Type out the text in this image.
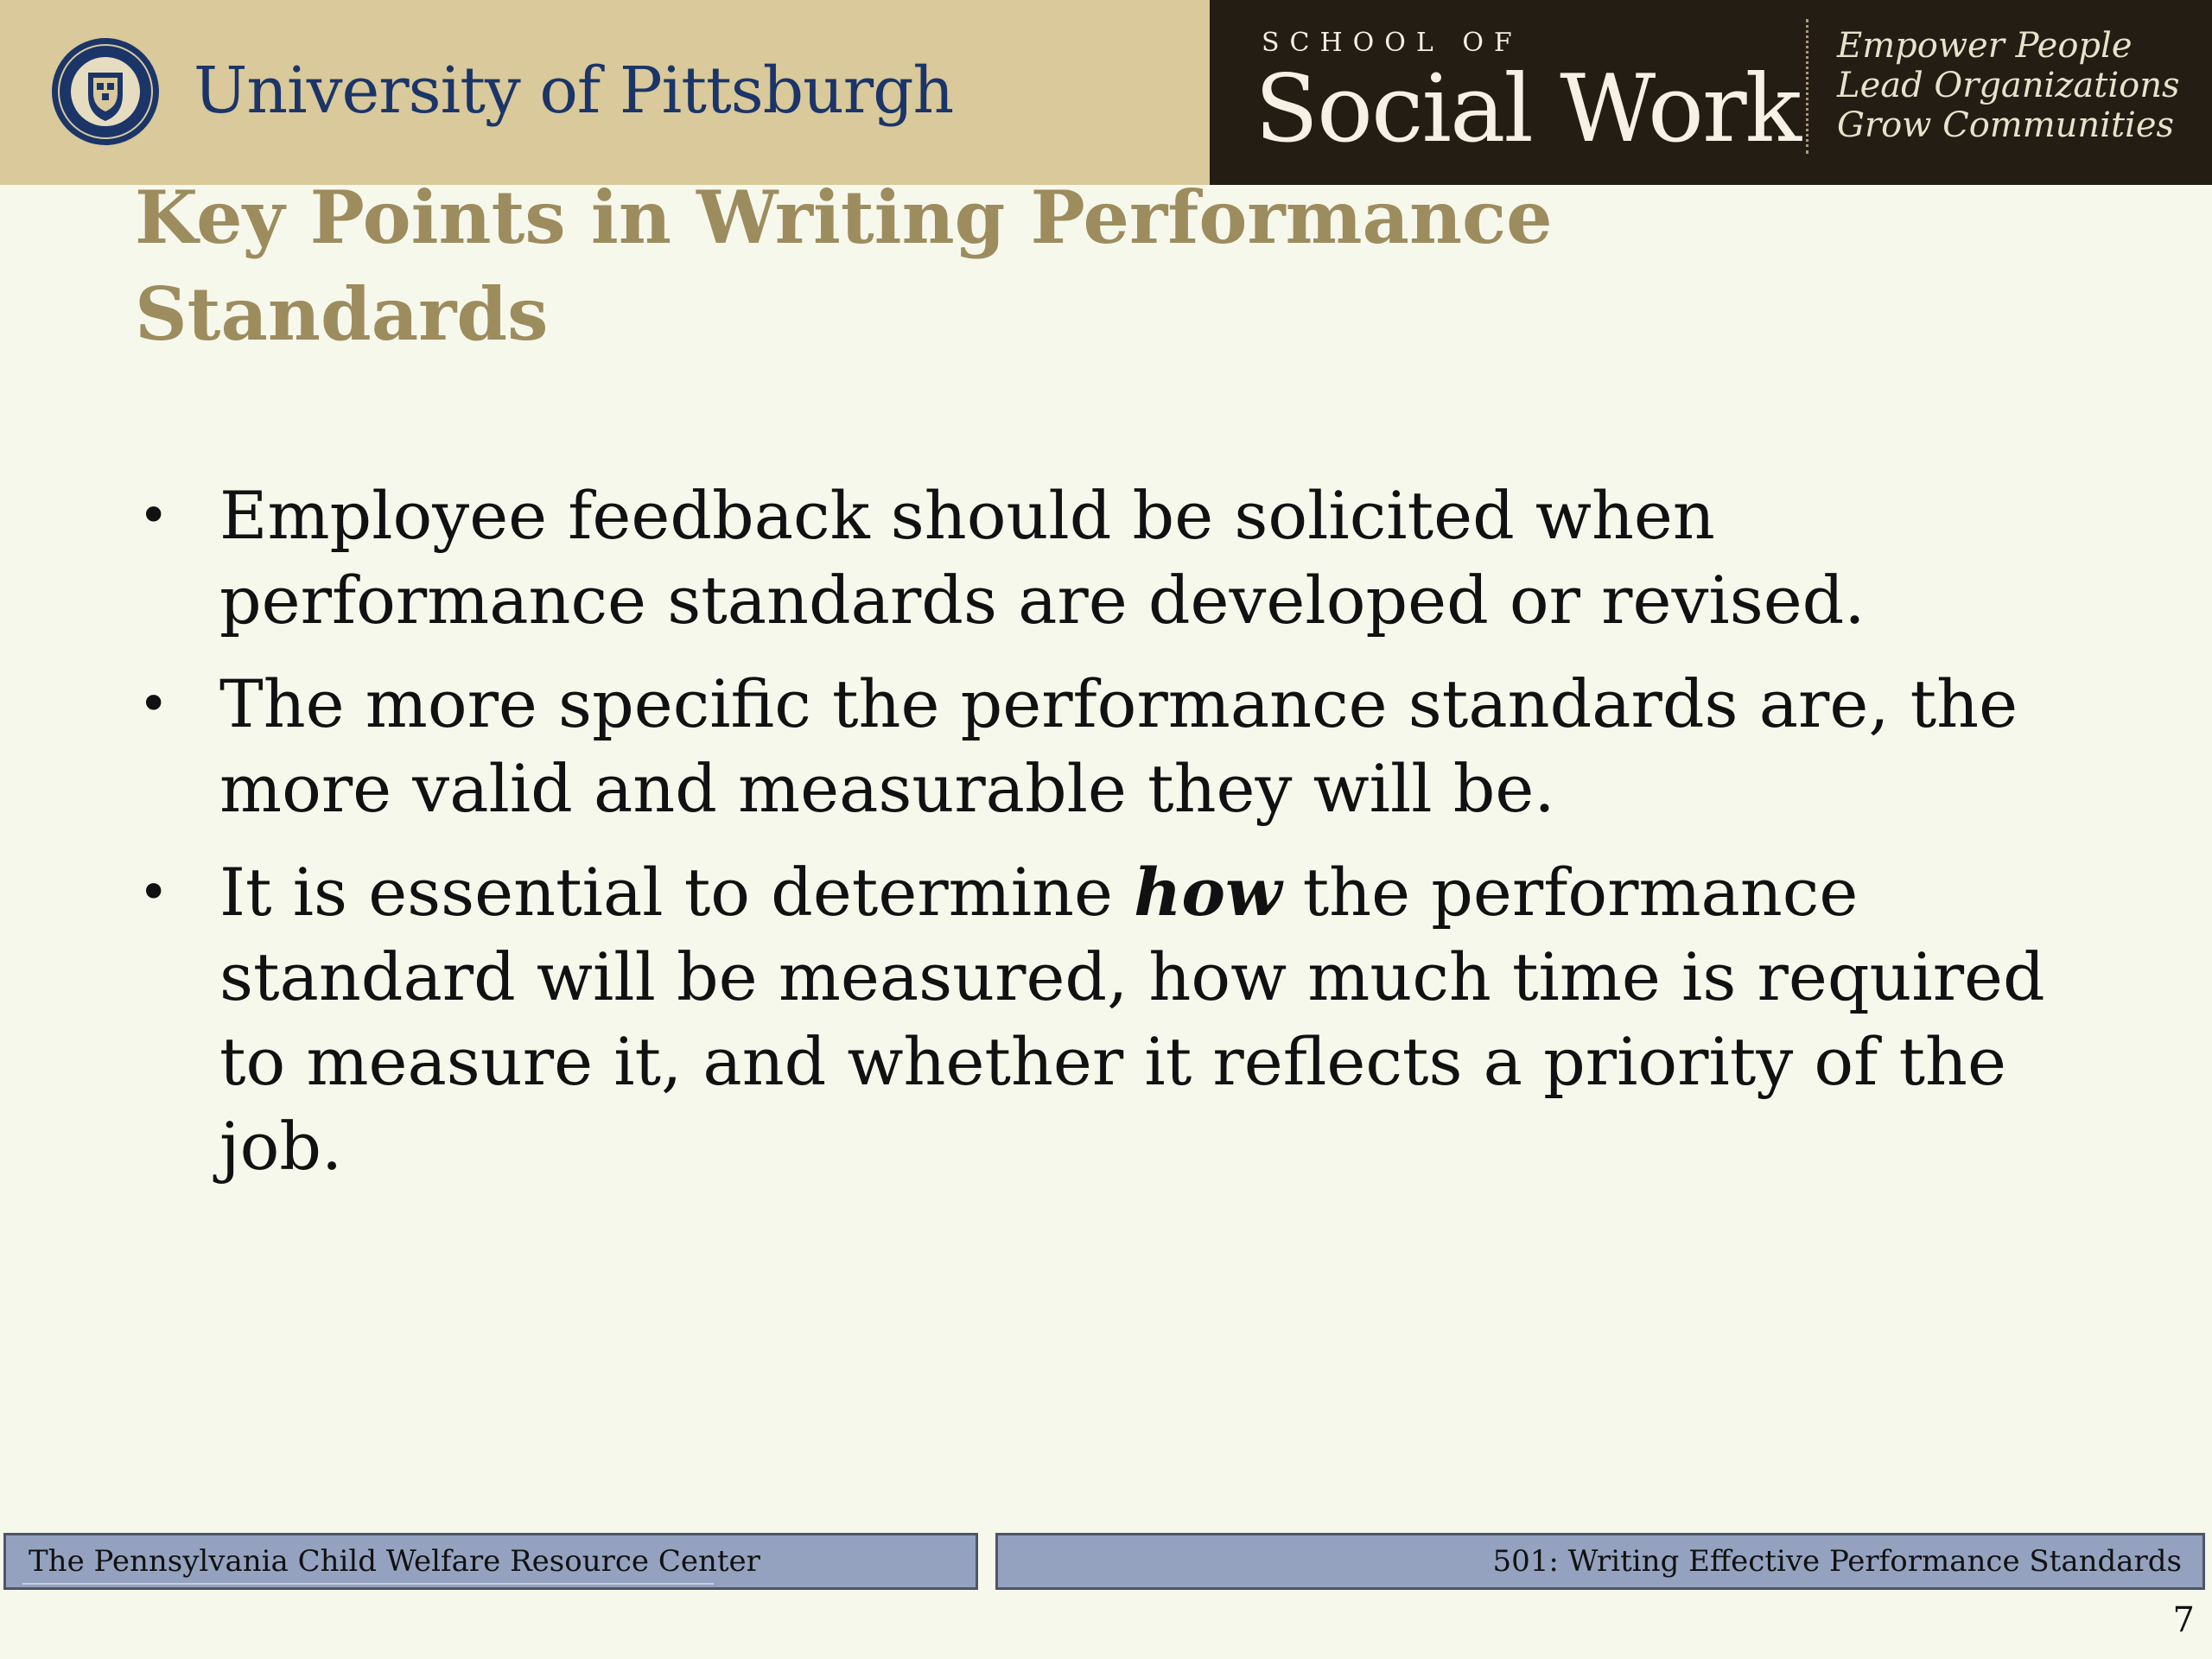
University of Pittsburgh
SCHOOL OF
Social Work
Empower People
Lead Organizations
Grow Communities
Key Points in Writing Performance
Standards
• Employee feedback should be solicited when performance standards are developed or revised.
• The more specific the performance standards are, the more valid and measurable they will be.
• It is essential to determine how the performance standard will be measured, how much time is required to measure it, and whether it reflects a priority of the job.
The Pennsylvania Child Welfare Resource Center	501: Writing Effective Performance Standards
7
